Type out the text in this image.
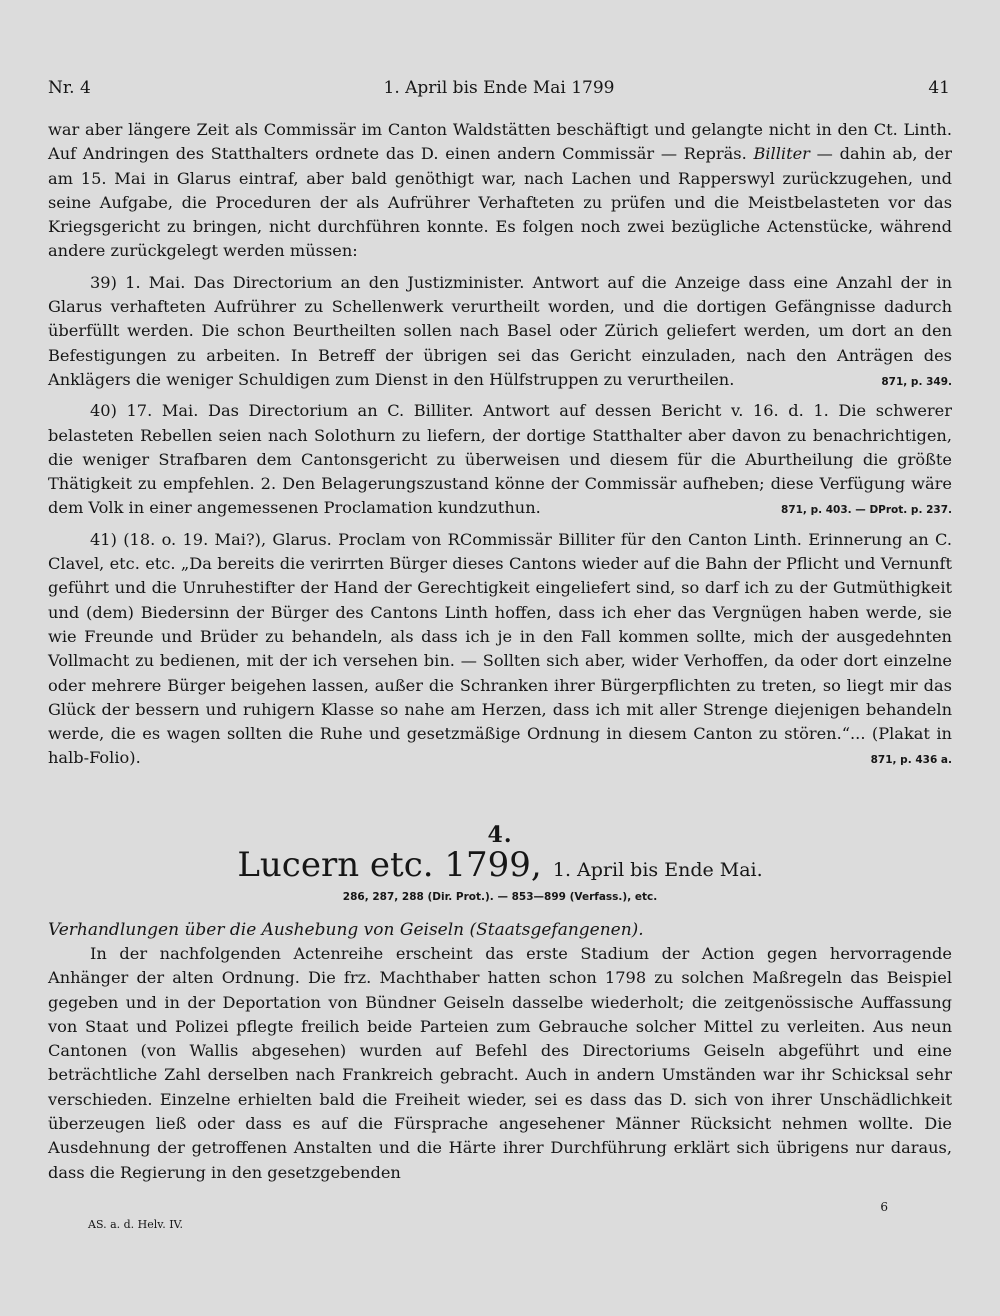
Nr. 4	1. April bis Ende Mai 1799	41

war aber längere Zeit als Commissär im Canton Waldstätten beschäftigt und gelangte nicht in den Ct. Linth. Auf Andringen des Statthalters ordnete das D. einen andern Commissär — Repräs. Billiter — dahin ab, der am 15. Mai in Glarus eintraf, aber bald genöthigt war, nach Lachen und Rapperswyl zurückzugehen, und seine Aufgabe, die Proceduren der als Aufrührer Verhafteten zu prüfen und die Meistbelasteten vor das Kriegsgericht zu bringen, nicht durchführen konnte. Es folgen noch zwei bezügliche Actenstücke, während andere zurückgelegt werden müssen:

39) 1. Mai. Das Directorium an den Justizminister. Antwort auf die Anzeige dass eine Anzahl der in Glarus verhafteten Aufrührer zu Schellenwerk verurtheilt worden, und die dortigen Gefängnisse dadurch überfüllt werden. Die schon Beurtheilten sollen nach Basel oder Zürich geliefert werden, um dort an den Befestigungen zu arbeiten. In Betreff der übrigen sei das Gericht einzuladen, nach den Anträgen des Anklägers die weniger Schuldigen zum Dienst in den Hülfstruppen zu verurtheilen.	871, p. 349.

40) 17. Mai. Das Directorium an C. Billiter. Antwort auf dessen Bericht v. 16. d. 1. Die schwerer belasteten Rebellen seien nach Solothurn zu liefern, der dortige Statthalter aber davon zu benachrichtigen, die weniger Strafbaren dem Cantonsgericht zu überweisen und diesem für die Aburtheilung die größte Thätigkeit zu empfehlen. 2. Den Belagerungszustand könne der Commissär aufheben; diese Verfügung wäre dem Volk in einer angemessenen Proclamation kundzuthun.	871, p. 403. — DProt. p. 237.

41) (18. o. 19. Mai?), Glarus. Proclam von RCommissär Billiter für den Canton Linth. Erinnerung an C. Clavel, etc. etc. „Da bereits die verirrten Bürger dieses Cantons wieder auf die Bahn der Pflicht und Vernunft geführt und die Unruhestifter der Hand der Gerechtigkeit eingeliefert sind, so darf ich zu der Gutmüthigkeit und (dem) Biedersinn der Bürger des Cantons Linth hoffen, dass ich eher das Vergnügen haben werde, sie wie Freunde und Brüder zu behandeln, als dass ich je in den Fall kommen sollte, mich der ausgedehnten Vollmacht zu bedienen, mit der ich versehen bin. — Sollten sich aber, wider Verhoffen, da oder dort einzelne oder mehrere Bürger beigehen lassen, außer die Schranken ihrer Bürgerpflichten zu treten, so liegt mir das Glück der bessern und ruhigern Klasse so nahe am Herzen, dass ich mit aller Strenge diejenigen behandeln werde, die es wagen sollten die Ruhe und gesetzmäßige Ordnung in diesem Canton zu stören.“... (Plakat in halb-Folio).	871, p. 436 a.

4.
Lucern etc. 1799, 1. April bis Ende Mai.
286, 287, 288 (Dir. Prot.). — 853—899 (Verfass.), etc.
Verhandlungen über die Aushebung von Geiseln (Staatsgefangenen).

In der nachfolgenden Actenreihe erscheint das erste Stadium der Action gegen hervorragende Anhänger der alten Ordnung. Die frz. Machthaber hatten schon 1798 zu solchen Maßregeln das Beispiel gegeben und in der Deportation von Bündner Geiseln dasselbe wiederholt; die zeitgenössische Auffassung von Staat und Polizei pflegte freilich beide Parteien zum Gebrauche solcher Mittel zu verleiten. Aus neun Cantonen (von Wallis abgesehen) wurden auf Befehl des Directoriums Geiseln abgeführt und eine beträchtliche Zahl derselben nach Frankreich gebracht. Auch in andern Umständen war ihr Schicksal sehr verschieden. Einzelne erhielten bald die Freiheit wieder, sei es dass das D. sich von ihrer Unschädlichkeit überzeugen ließ oder dass es auf die Fürsprache angesehener Männer Rücksicht nehmen wollte. Die Ausdehnung der getroffenen Anstalten und die Härte ihrer Durchführung erklärt sich übrigens nur daraus, dass die Regierung in den gesetzgebenden

AS. a. d. Helv. IV.
6
